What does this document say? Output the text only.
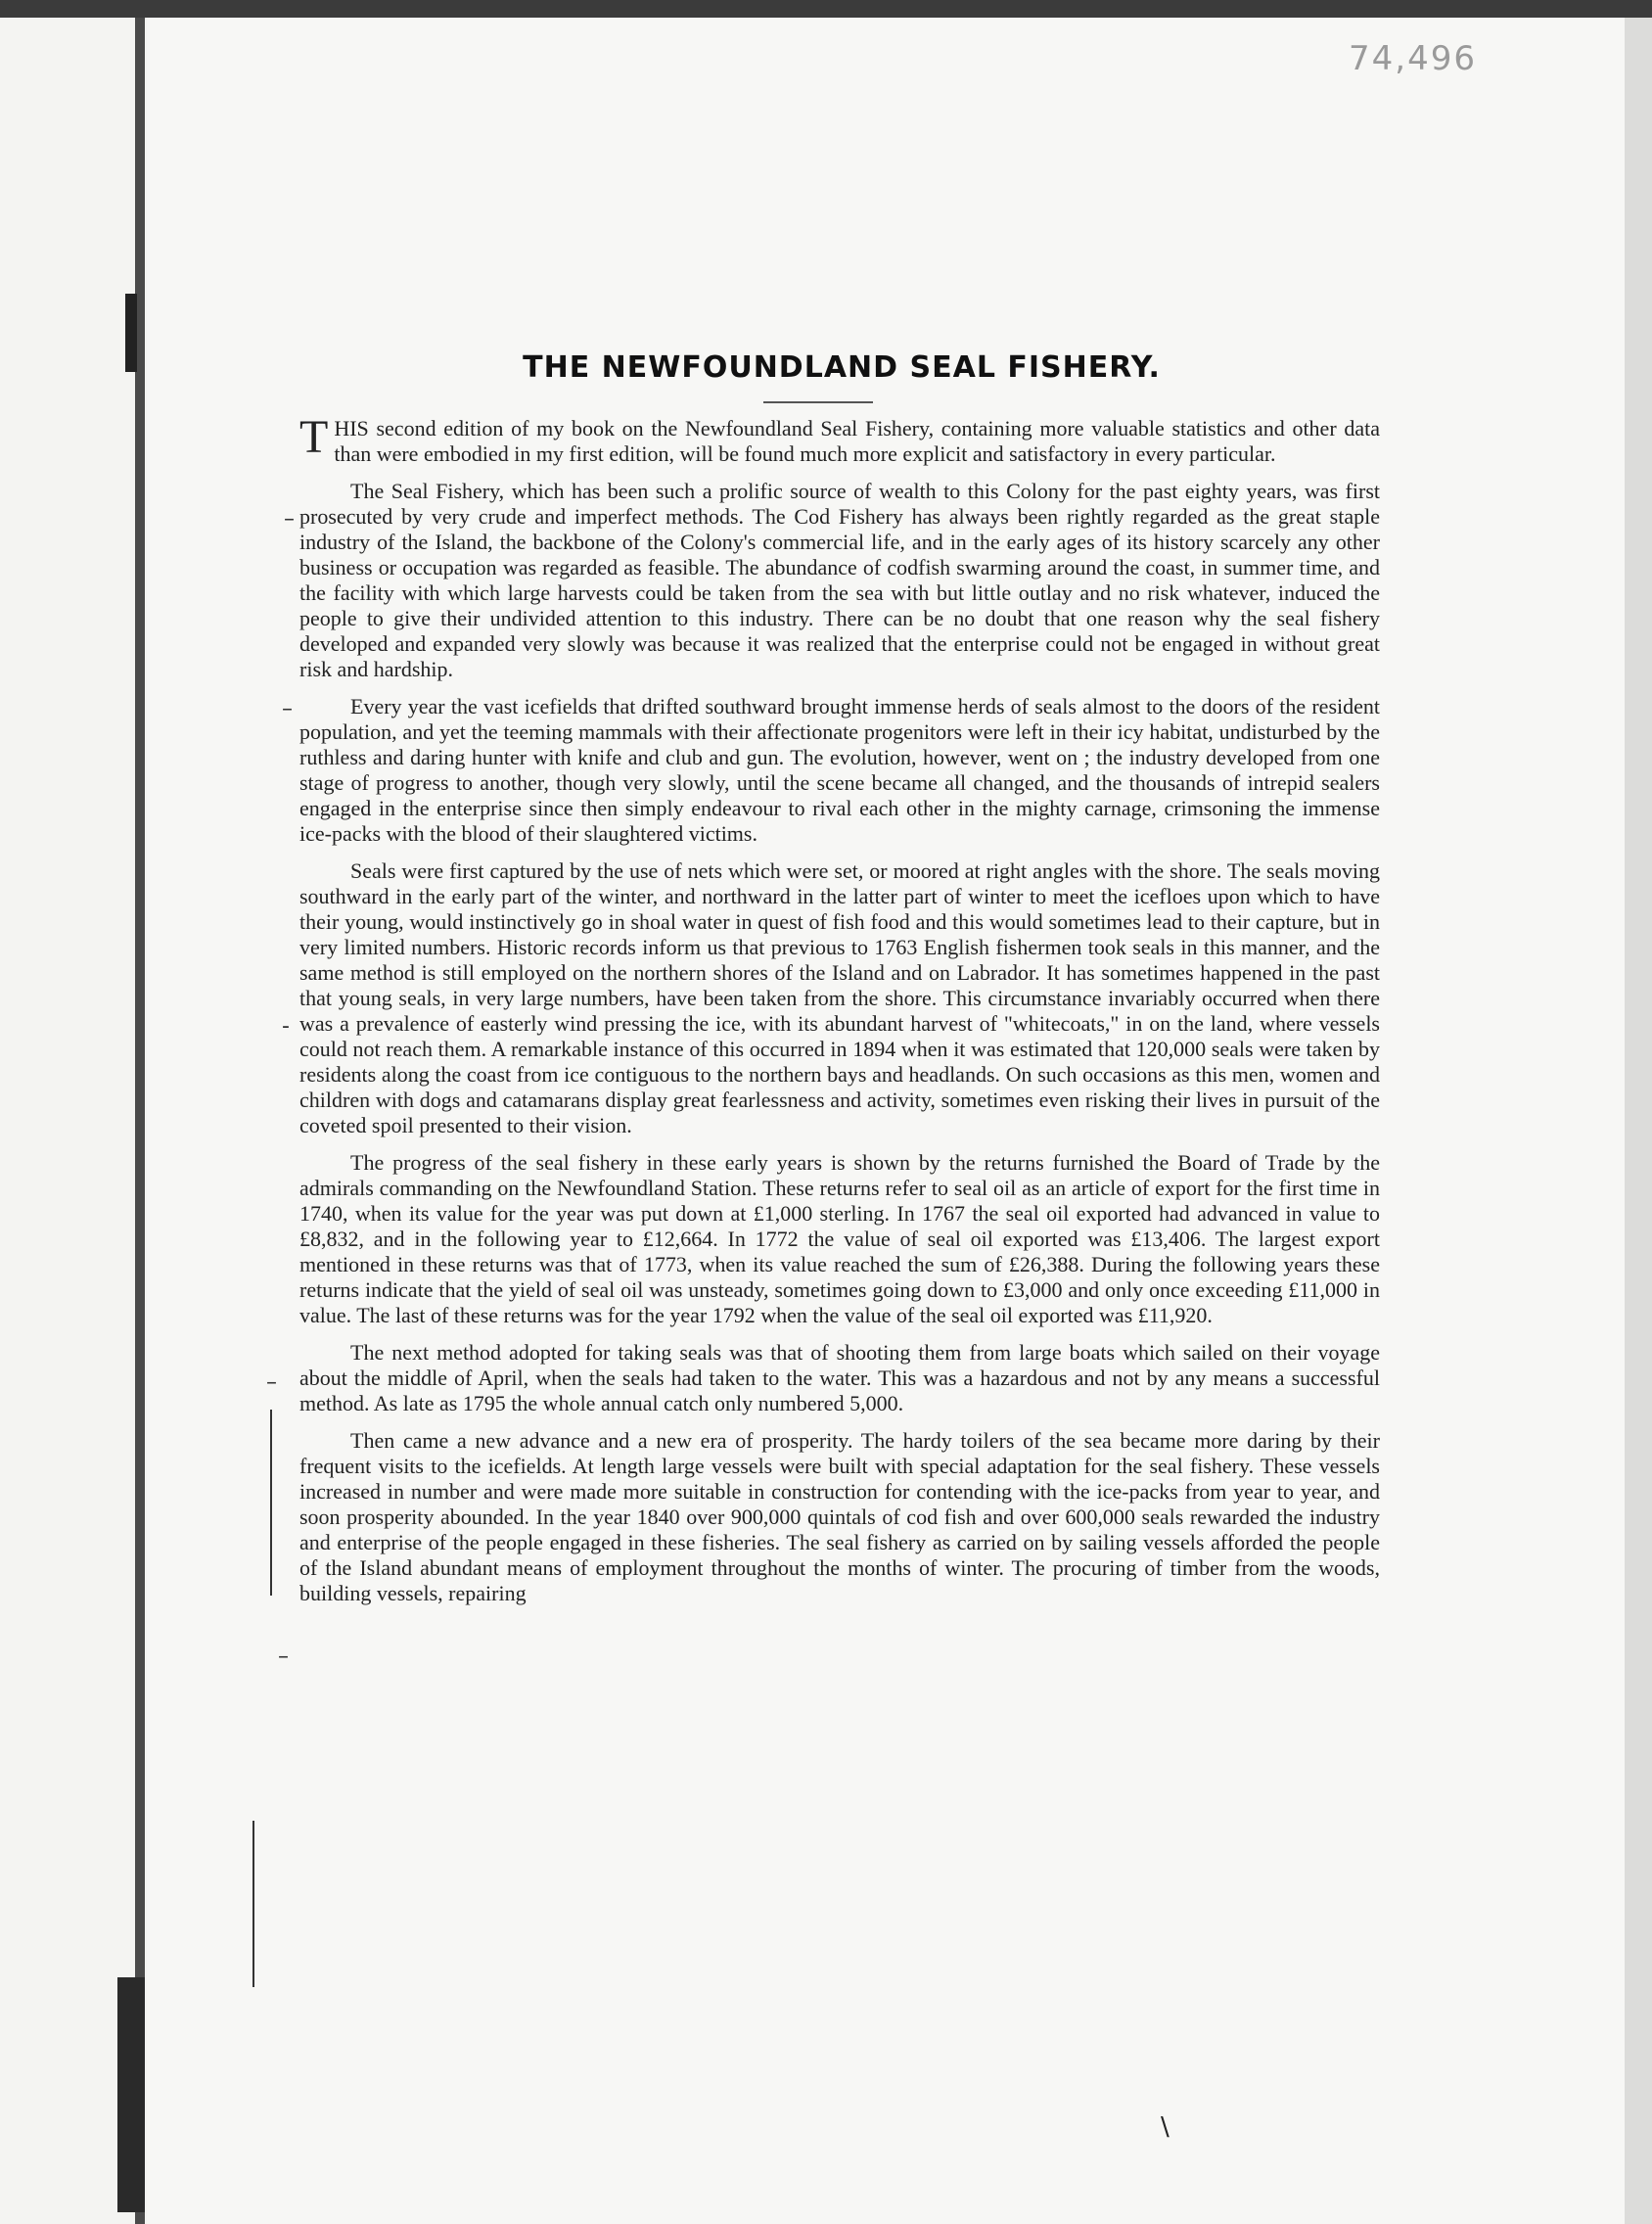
74,496
THE NEWFOUNDLAND SEAL FISHERY.

THIS second edition of my book on the Newfoundland Seal Fishery, containing more valuable statistics and other data than were embodied in my first edition, will be found much more explicit and satisfactory in every particular.

The Seal Fishery, which has been such a prolific source of wealth to this Colony for the past eighty years, was first prosecuted by very crude and imperfect methods. The Cod Fishery has always been rightly regarded as the great staple industry of the Island, the backbone of the Colony's commercial life, and in the early ages of its history scarcely any other business or occupation was regarded as feasible. The abundance of codfish swarming around the coast, in summer time, and the facility with which large harvests could be taken from the sea with but little outlay and no risk whatever, induced the people to give their undivided attention to this industry. There can be no doubt that one reason why the seal fishery developed and expanded very slowly was because it was realized that the enterprise could not be engaged in without great risk and hardship.

Every year the vast icefields that drifted southward brought immense herds of seals almost to the doors of the resident population, and yet the teeming mammals with their affectionate progenitors were left in their icy habitat, undisturbed by the ruthless and daring hunter with knife and club and gun. The evolution, however, went on ; the industry developed from one stage of progress to another, though very slowly, until the scene became all changed, and the thousands of intrepid sealers engaged in the enterprise since then simply endeavour to rival each other in the mighty carnage, crimsoning the immense ice-packs with the blood of their slaughtered victims.

Seals were first captured by the use of nets which were set, or moored at right angles with the shore. The seals moving southward in the early part of the winter, and northward in the latter part of winter to meet the icefloes upon which to have their young, would instinctively go in shoal water in quest of fish food and this would sometimes lead to their capture, but in very limited numbers. Historic records inform us that previous to 1763 English fishermen took seals in this manner, and the same method is still employed on the northern shores of the Island and on Labrador. It has sometimes happened in the past that young seals, in very large numbers, have been taken from the shore. This circumstance invariably occurred when there was a prevalence of easterly wind pressing the ice, with its abundant harvest of "whitecoats," in on the land, where vessels could not reach them. A remarkable instance of this occurred in 1894 when it was estimated that 120,000 seals were taken by residents along the coast from ice contiguous to the northern bays and headlands. On such occasions as this men, women and children with dogs and catamarans display great fearlessness and activity, sometimes even risking their lives in pursuit of the coveted spoil presented to their vision.

The progress of the seal fishery in these early years is shown by the returns furnished the Board of Trade by the admirals commanding on the Newfoundland Station. These returns refer to seal oil as an article of export for the first time in 1740, when its value for the year was put down at £1,000 sterling. In 1767 the seal oil exported had advanced in value to £8,832, and in the following year to £12,664. In 1772 the value of seal oil exported was £13,406. The largest export mentioned in these returns was that of 1773, when its value reached the sum of £26,388. During the following years these returns indicate that the yield of seal oil was unsteady, sometimes going down to £3,000 and only once exceeding £11,000 in value. The last of these returns was for the year 1792 when the value of the seal oil exported was £11,920.

The next method adopted for taking seals was that of shooting them from large boats which sailed on their voyage about the middle of April, when the seals had taken to the water. This was a hazardous and not by any means a successful method. As late as 1795 the whole annual catch only numbered 5,000.

Then came a new advance and a new era of prosperity. The hardy toilers of the sea became more daring by their frequent visits to the icefields. At length large vessels were built with special adaptation for the seal fishery. These vessels increased in number and were made more suitable in construction for contending with the ice-packs from year to year, and soon prosperity abounded. In the year 1840 over 900,000 quintals of cod fish and over 600,000 seals rewarded the industry and enterprise of the people engaged in these fisheries. The seal fishery as carried on by sailing vessels afforded the people of the Island abundant means of employment throughout the months of winter. The procuring of timber from the woods, building vessels, repairing

–
–
-
–
–
\
